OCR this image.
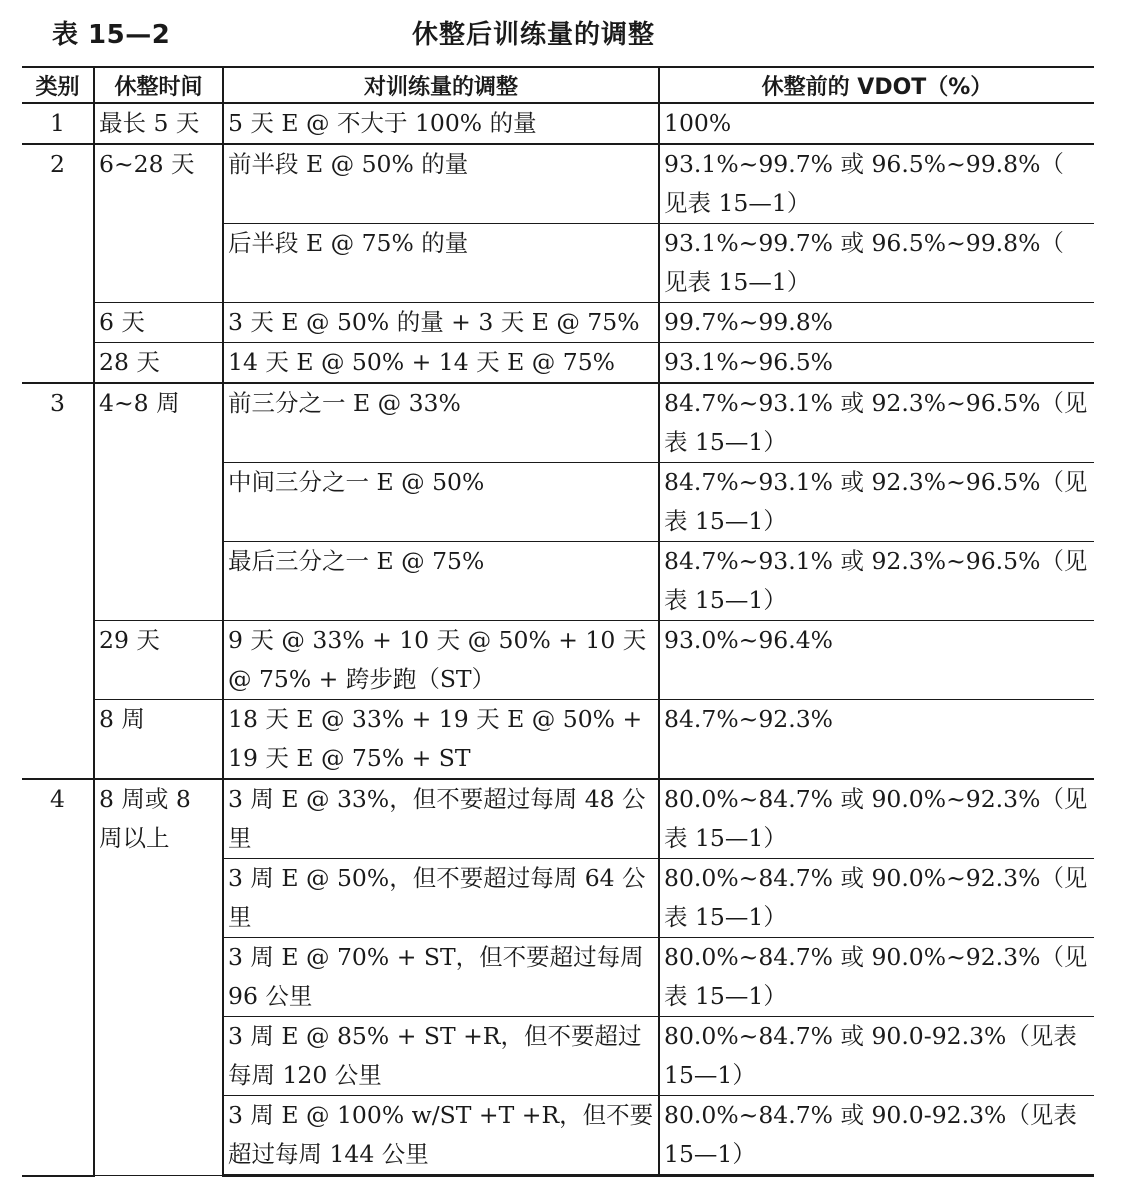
表 15—2	休整后训练量的调整
类别	休整时间	对训练量的调整	休整前的 VDOT（%）
1	最长 5 天	5 天 E @ 不大于 100% 的量	100%
2	6~28 天	前半段 E @ 50% 的量	93.1%~99.7% 或 96.5%~99.8%（ 见表 15—1）
		后半段 E @ 75% 的量	93.1%~99.7% 或 96.5%~99.8%（ 见表 15—1）
	6 天	3 天 E @ 50% 的量 + 3 天 E @ 75%	99.7%~99.8%
	28 天	14 天 E @ 50% + 14 天 E @ 75%	93.1%~96.5%
3	4~8 周	前三分之一 E @ 33%	84.7%~93.1% 或 92.3%~96.5%（见表 15—1）
		中间三分之一 E @ 50%	84.7%~93.1% 或 92.3%~96.5%（见表 15—1）
		最后三分之一 E @ 75%	84.7%~93.1% 或 92.3%~96.5%（见表 15—1）
	29 天	9 天 @ 33% + 10 天 @ 50% + 10 天 @ 75% + 跨步跑（ST）	93.0%~96.4%
	8 周	18 天 E @ 33% + 19 天 E @ 50% +19 天 E @ 75% + ST	84.7%~92.3%
4	8 周或 8 周以上	3 周 E @ 33%，但不要超过每周 48 公里	80.0%~84.7% 或 90.0%~92.3%（见表 15—1）
		3 周 E @ 50%，但不要超过每周 64 公里	80.0%~84.7% 或 90.0%~92.3%（见表 15—1）
		3 周 E @ 70% + ST，但不要超过每周 96 公里	80.0%~84.7% 或 90.0%~92.3%（见表 15—1）
		3 周 E @ 85% + ST +R，但不要超过每周 120 公里	80.0%~84.7% 或 90.0-92.3%（见表 15—1）
		3 周 E @ 100% w/ST +T +R，但不要超过每周 144 公里	80.0%~84.7% 或 90.0-92.3%（见表 15—1）
